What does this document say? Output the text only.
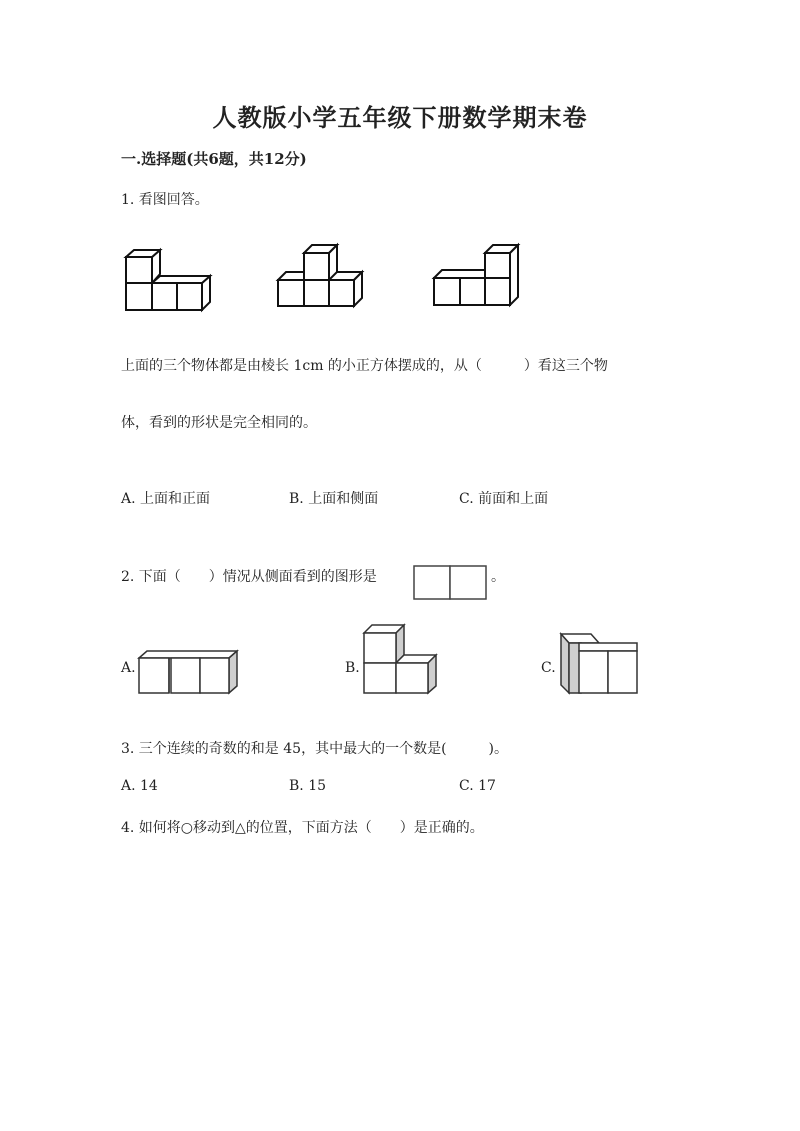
人教版小学五年级下册数学期末卷
一.选择题(共6题，共12分)
1. 看图回答。
上面的三个物体都是由棱长 1cm 的小正方体摆成的，从（　　　）看这三个物
体，看到的形状是完全相同的。
A. 上面和正面	B. 上面和侧面	C. 前面和上面
2. 下面（　　）情况从侧面看到的图形是	。
A.	B.	C.
3. 三个连续的奇数的和是 45，其中最大的一个数是(　　　)。
A. 14	B. 15	C. 17
4. 如何将○移动到△的位置，下面方法（　　）是正确的。
